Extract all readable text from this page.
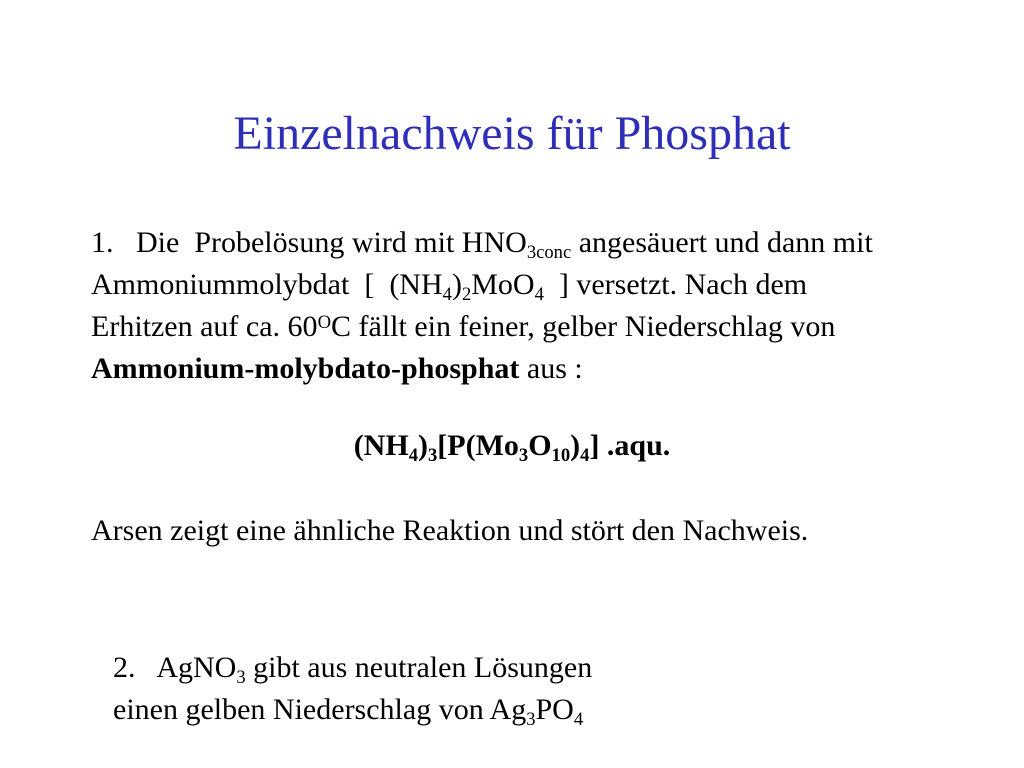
Einzelnachweis für Phosphat
1.   Die  Probelösung wird mit $HNO_{3conc}$ angesäuert und dann mit
Ammoniummolybdat  [  $(NH_4)_2MoO_4$  ] versetzt. Nach dem
Erhitzen auf ca. $60^OC$ fällt ein feiner, gelber Niederschlag von
Ammonium-molybdato-phosphat aus :
$(NH_4)_3[P(Mo_3O_{10})_4]$ .aqu.
Arsen zeigt eine ähnliche Reaktion und stört den Nachweis.
2.   AgNO$_3$ gibt aus neutralen Lösungen
einen gelben Niederschlag von $Ag_3PO_4$
